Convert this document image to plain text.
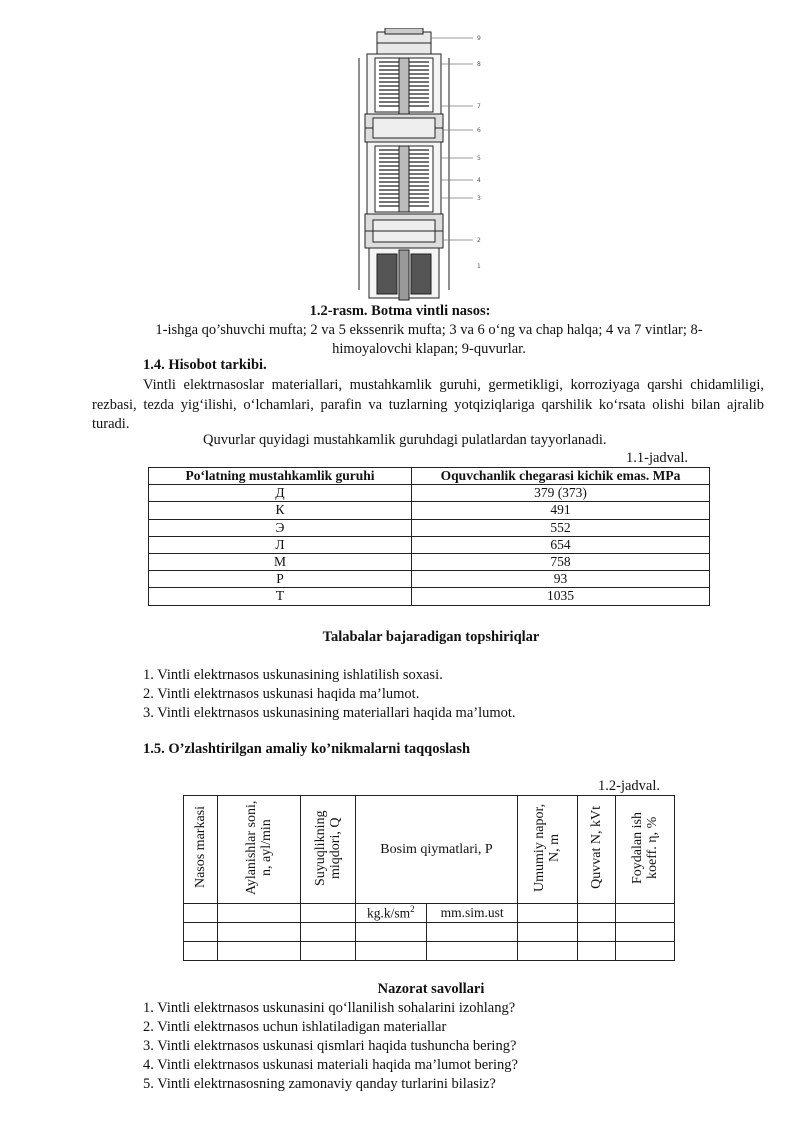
9
8
7
6
5
4
3
2
1
1.2-rasm. Botma vintli nasos:
1-ishga qo’shuvchi mufta; 2 va 5 ekssenrik mufta; 3 va 6 o‘ng va chap halqa; 4 va 7 vintlar; 8-himoyalovchi klapan; 9-quvurlar.
1.4. Hisobot tarkibi.
Vintli elektrnasoslar materiallari, mustahkamlik guruhi, germetikligi, korroziyaga qarshi chidamliligi, rezbasi, tezda yig‘ilishi, o‘lchamlari, parafin va tuzlarning yotqiziqlariga qarshilik ko‘rsata olishi bilan ajralib turadi.
Quvurlar quyidagi mustahkamlik guruhdagi pulatlardan tayyorlanadi.
1.1-jadval.
Po‘latning mustahkamlik guruhi	Oquvchanlik chegarasi kichik emas. MPa
Д	379 (373)
К	491
Э	552
Л	654
М	758
Р	93
Т	1035
Talabalar bajaradigan topshiriqlar
1. Vintli elektrnasos uskunasining ishlatilish soxasi.
2. Vintli elektrnasos uskunasi haqida ma’lumot.
3. Vintli elektrnasos uskunasining materiallari haqida ma’lumot.
1.5. O’zlashtirilgan amaliy ko’nikmalarni taqqoslash
1.2-jadval.
Nasos markasi	Aylanishlar soni, n, ayl/min	Suyuqlikning miqdori, Q	Bosim qiymatlari, P		Umumiy napor, N, m	Quvvat N, kVt	Foydalan ish koeff. η, %
			$kg.k/sm^2$	mm.sim.ust			

Nazorat savollari
1. Vintli elektrnasos uskunasini qo‘llanilish sohalarini izohlang?
2. Vintli elektrnasos uchun ishlatiladigan materiallar
3. Vintli elektrnasos uskunasi qismlari haqida tushuncha bering?
4. Vintli elektrnasos uskunasi materiali haqida ma’lumot bering?
5. Vintli elektrnasosning zamonaviy qanday turlarini bilasiz?
